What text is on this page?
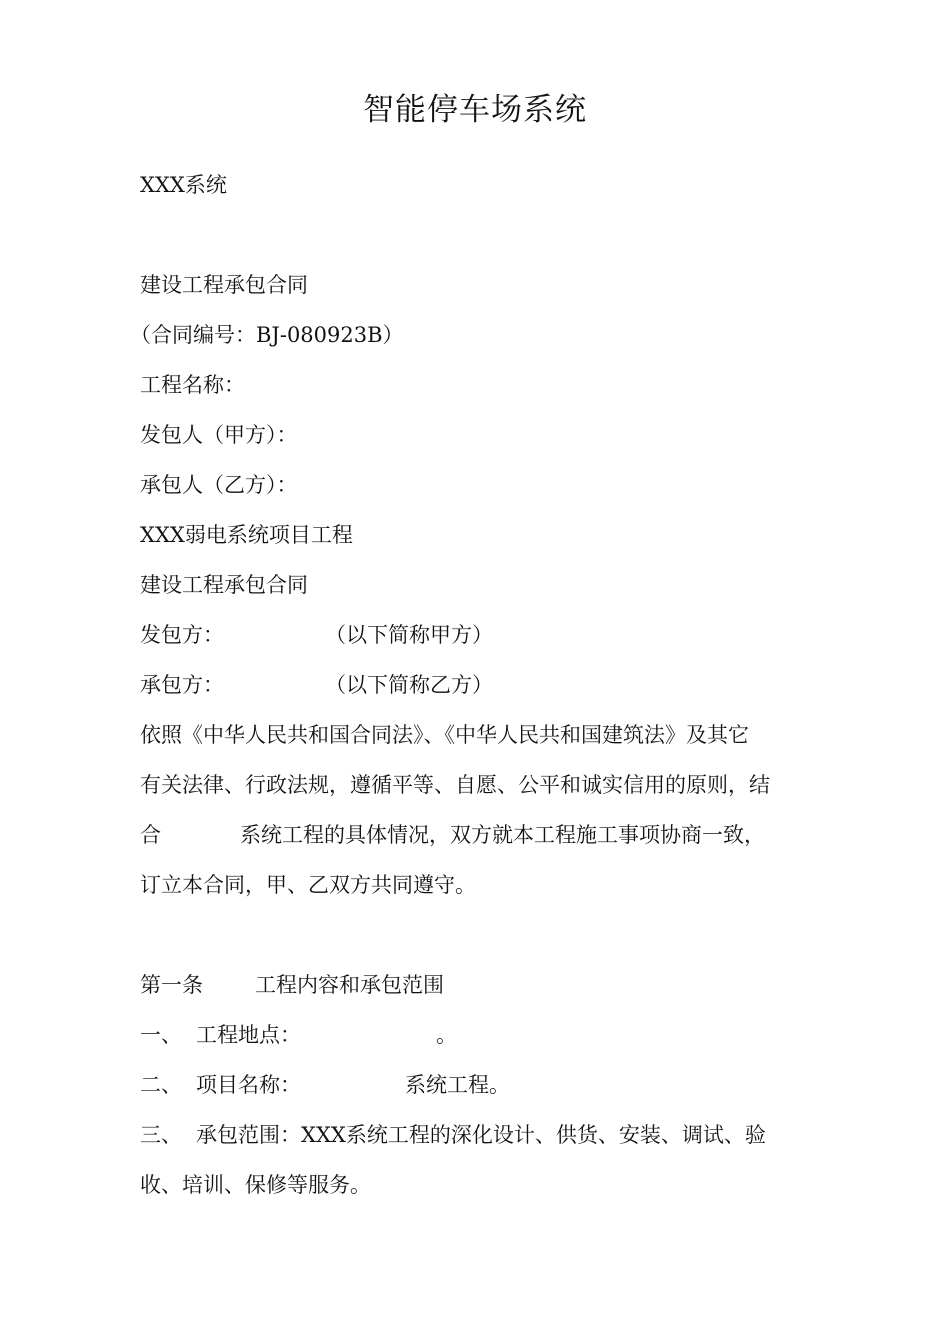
智能停车场系统
XXX系统
建设工程承包合同
（合同编号：BJ-080923B）
工程名称：
发包人（甲方）：
承包人（乙方）：
XXX弱电系统项目工程
建设工程承包合同

发包方：

	（以下简称甲方）

承包方：

	（以下简称乙方）

依照《中华人民共和国合同法》、《中华人民共和国建筑法》及其它
有关法律、行政法规，遵循平等、自愿、公平和诚实信用的原则，结

合

	系统工程的具体情况，双方就本工程施工事项协商一致，

订立本合同，甲、乙双方共同遵守。

第一条

工程内容和承包范围

一、

工程地点：

	。

二、

项目名称：

	系统工程。

三、

承包范围：XXX系统工程的深化设计、供货、安装、调试、验

收、培训、保修等服务。
